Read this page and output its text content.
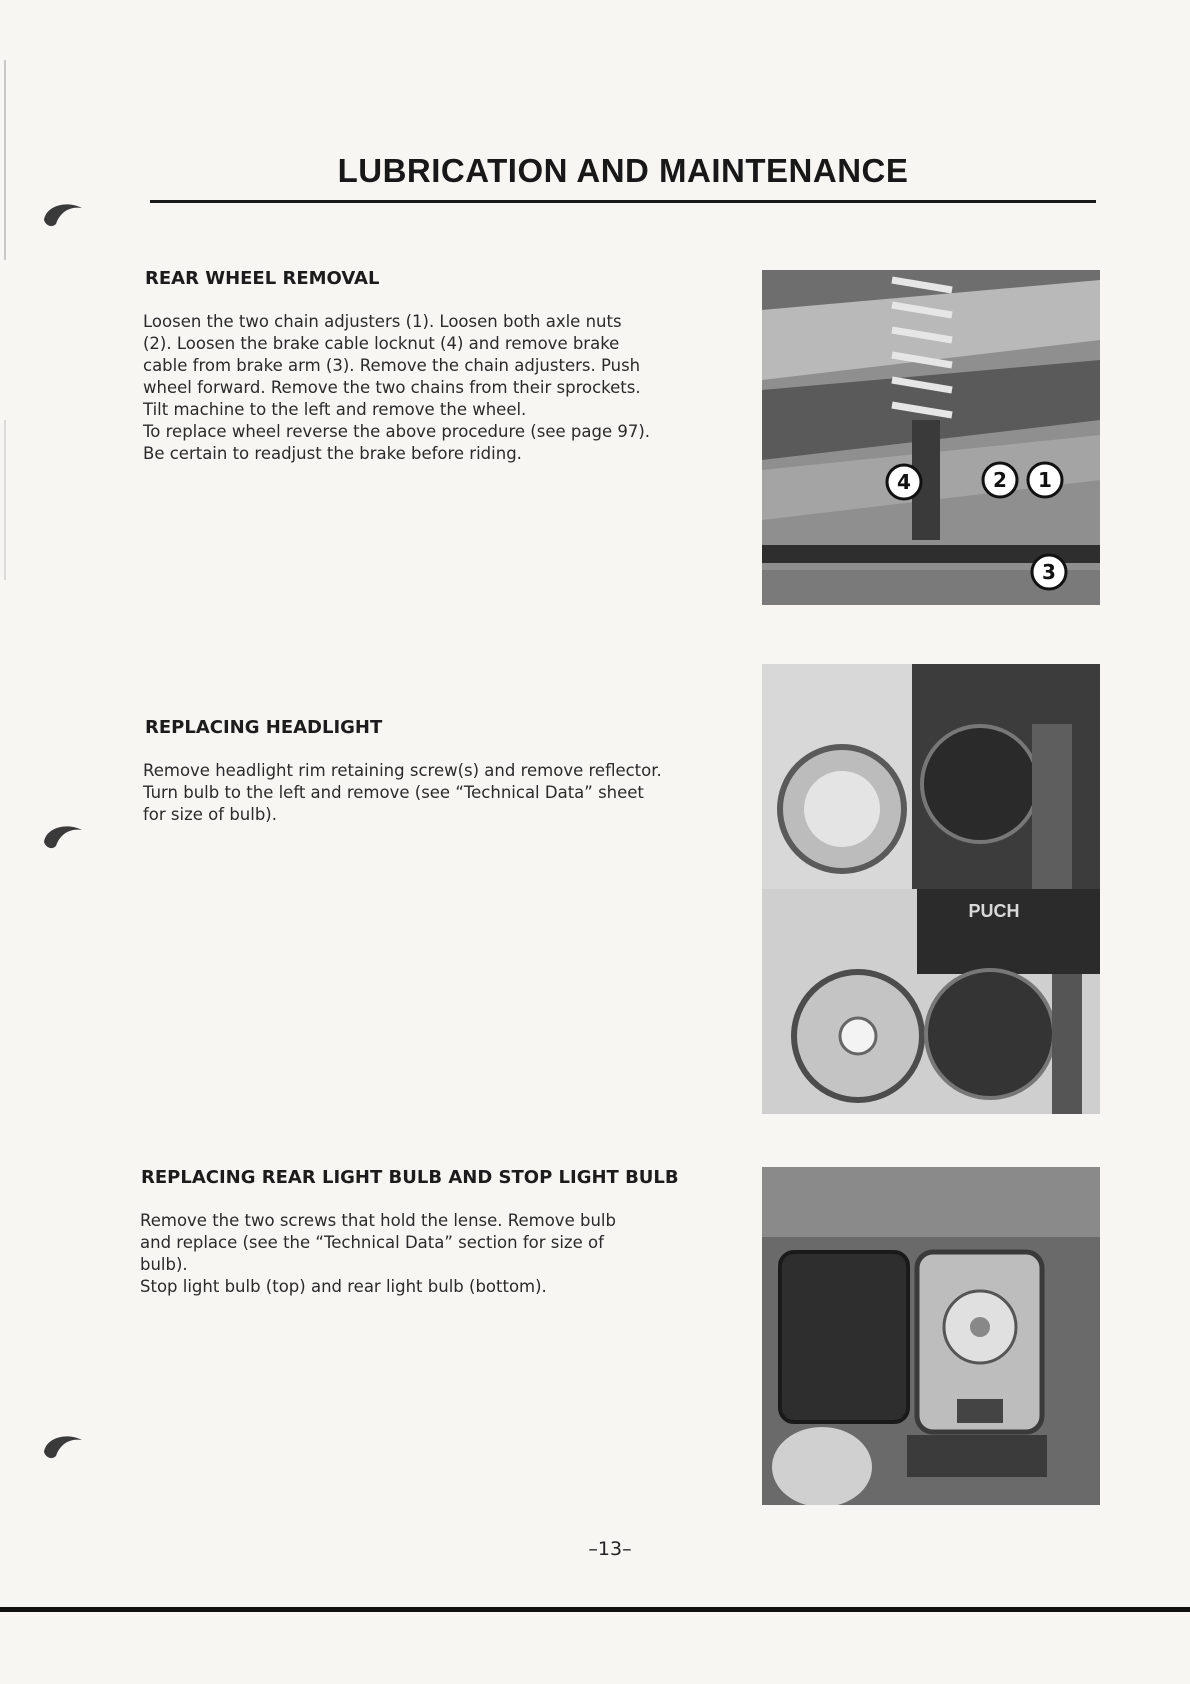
LUBRICATION AND MAINTENANCE
REAR WHEEL REMOVAL
Loosen the two chain adjusters (1). Loosen both axle nuts
(2). Loosen the brake cable locknut (4) and remove brake
cable from brake arm (3). Remove the chain adjusters. Push
wheel forward. Remove the two chains from their sprockets.
Tilt machine to the left and remove the wheel.
To replace wheel reverse the above procedure (see page 97).
Be certain to readjust the brake before riding.
4	2 1
3
REPLACING HEADLIGHT
Remove headlight rim retaining screw(s) and remove reflector.
Turn bulb to the left and remove (see “Technical Data” sheet
for size of bulb).
PUCH
REPLACING REAR LIGHT BULB AND STOP LIGHT BULB
Remove the two screws that hold the lense. Remove bulb
and replace (see the “Technical Data” section for size of
bulb).
Stop light bulb (top) and rear light bulb (bottom).
–13–
